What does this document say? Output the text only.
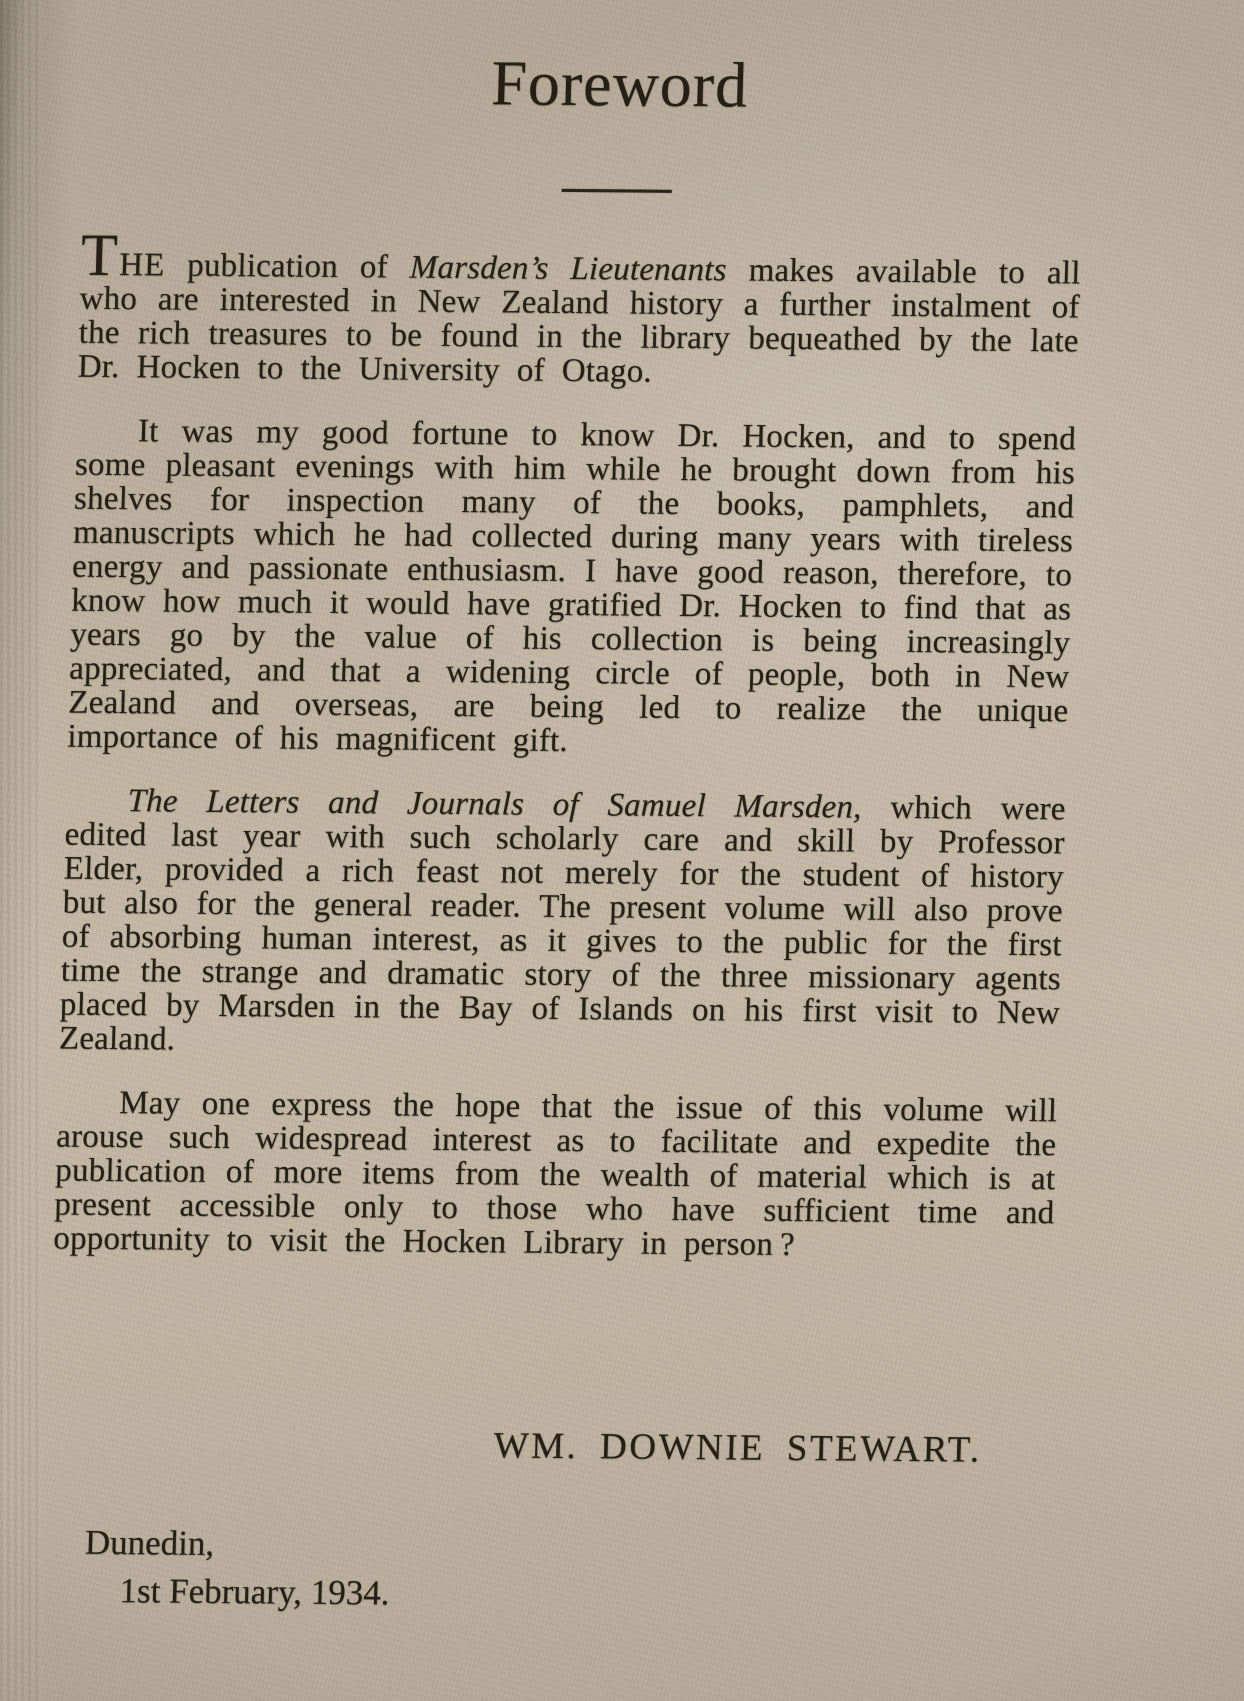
Foreword

THE publication of Marsden’s Lieutenants makes available to all who are interested in New Zealand history a further instalment of the rich treasures to be found in the library bequeathed by the late Dr. Hocken to the University of Otago.

It was my good fortune to know Dr. Hocken, and to spend some pleasant evenings with him while he brought down from his shelves for inspection many of the books, pamphlets, and manuscripts which he had collected during many years with tireless energy and passionate enthusiasm. I have good reason, therefore, to know how much it would have gratified Dr. Hocken to find that as years go by the value of his collection is being increasingly appreciated, and that a widening circle of people, both in New Zealand and overseas, are being led to realize the unique importance of his magnificent gift.

The Letters and Journals of Samuel Marsden, which were edited last year with such scholarly care and skill by Professor Elder, provided a rich feast not merely for the student of history but also for the general reader. The present volume will also prove of absorbing human interest, as it gives to the public for the first time the strange and dramatic story of the three missionary agents placed by Marsden in the Bay of Islands on his first visit to New Zealand.

May one express the hope that the issue of this volume will arouse such widespread interest as to facilitate and expedite the publication of more items from the wealth of material which is at present accessible only to those who have sufficient time and opportunity to visit the Hocken Library in person ?

WM. DOWNIE STEWART.
Dunedin,
1st February, 1934.
